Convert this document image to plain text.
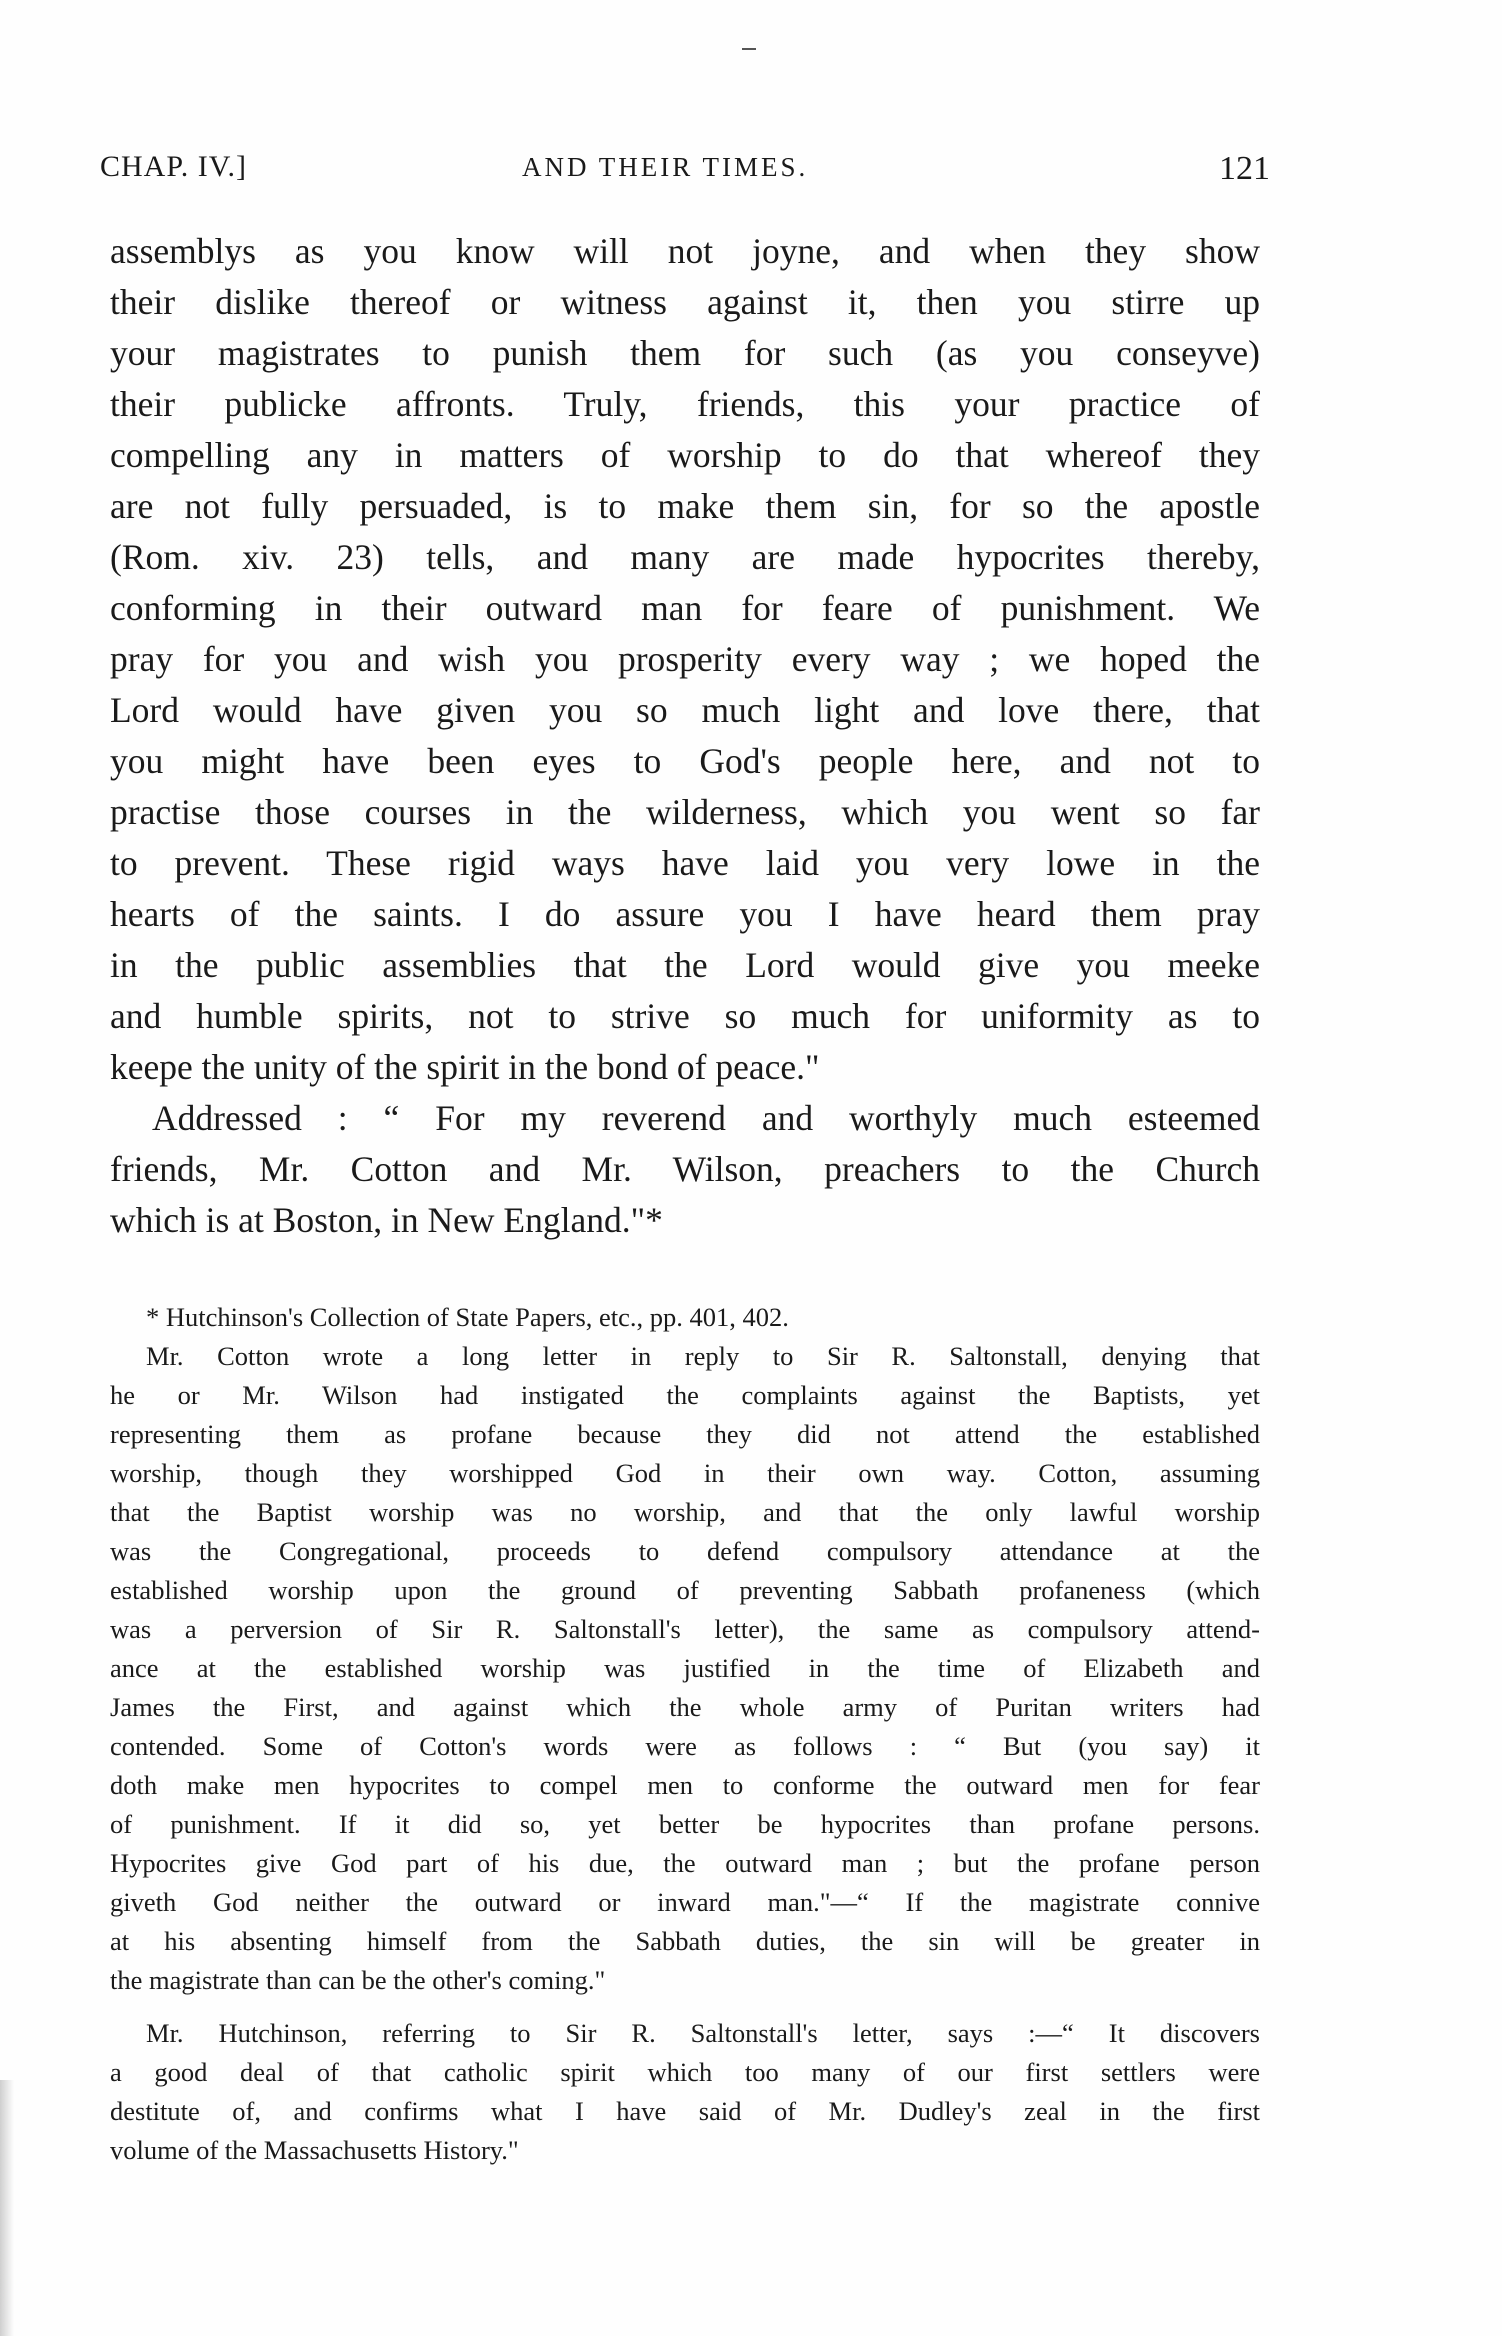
CHAP. IV.]	AND THEIR TIMES.	121
assemblys as you know will not joyne, and when they show
their dislike thereof or witness against it, then you stirre up
your magistrates to punish them for such (as you conseyve)
their publicke affronts. Truly, friends, this your practice of
compelling any in matters of worship to do that whereof they
are not fully persuaded, is to make them sin, for so the apostle
(Rom. xiv. 23) tells, and many are made hypocrites thereby,
conforming in their outward man for feare of punishment. We
pray for you and wish you prosperity every way ; we hoped the
Lord would have given you so much light and love there, that
you might have been eyes to God's people here, and not to
practise those courses in the wilderness, which you went so far
to prevent. These rigid ways have laid you very lowe in the
hearts of the saints. I do assure you I have heard them pray
in the public assemblies that the Lord would give you meeke
and humble spirits, not to strive so much for uniformity as to
keepe the unity of the spirit in the bond of peace."
Addressed : “ For my reverend and worthyly much esteemed
friends, Mr. Cotton and Mr. Wilson, preachers to the Church
which is at Boston, in New England."*
* Hutchinson's Collection of State Papers, etc., pp. 401, 402.
Mr. Cotton wrote a long letter in reply to Sir R. Saltonstall, denying that
he or Mr. Wilson had instigated the complaints against the Baptists, yet
representing them as profane because they did not attend the established
worship, though they worshipped God in their own way. Cotton, assuming
that the Baptist worship was no worship, and that the only lawful worship
was the Congregational, proceeds to defend compulsory attendance at the
established worship upon the ground of preventing Sabbath profaneness (which
was a perversion of Sir R. Saltonstall's letter), the same as compulsory attend-
ance at the established worship was justified in the time of Elizabeth and
James the First, and against which the whole army of Puritan writers had
contended. Some of Cotton's words were as follows : “ But (you say) it
doth make men hypocrites to compel men to conforme the outward men for fear
of punishment. If it did so, yet better be hypocrites than profane persons.
Hypocrites give God part of his due, the outward man ; but the profane person
giveth God neither the outward or inward man."—“ If the magistrate connive
at his absenting himself from the Sabbath duties, the sin will be greater in
the magistrate than can be the other's coming."
Mr. Hutchinson, referring to Sir R. Saltonstall's letter, says :—“ It discovers
a good deal of that catholic spirit which too many of our first settlers were
destitute of, and confirms what I have said of Mr. Dudley's zeal in the first
volume of the Massachusetts History."
